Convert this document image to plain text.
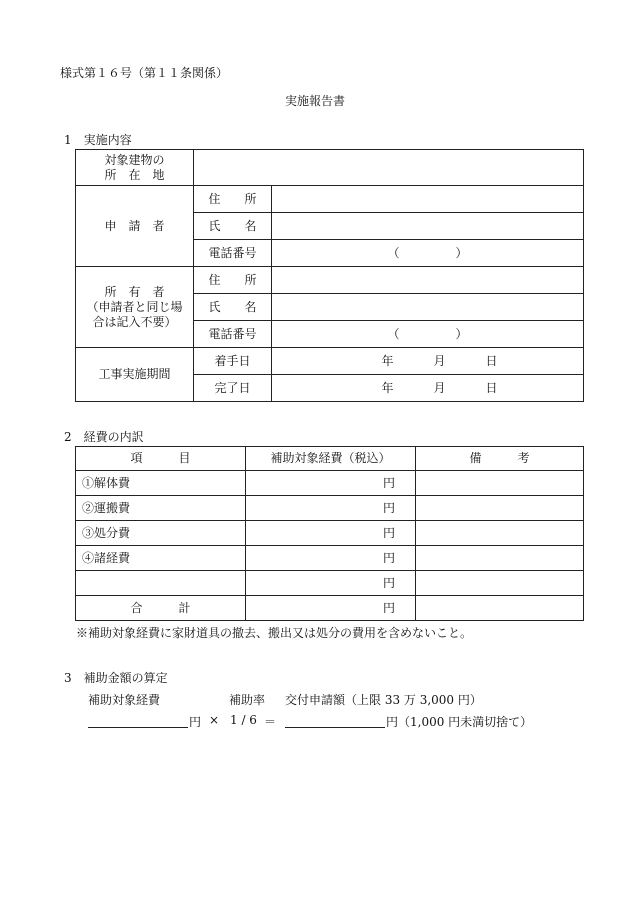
様式第１６号（第１１条関係）
実施報告書
1　実施内容
対象建物の
所　在　地		

申　請　者	住　　所	
	氏　　名	
	電話番号	（ ）

所　有　者
（申請者と同じ場
合は記入不要）	住　　所	
	氏　　名	
	電話番号	（ ）
工事実施期間	着手日	年 月 日
	完了日	年 月 日
2　経費の内訳
項　　　目	補助対象経費（税込）	備　　　考
①解体費	円	
②運搬費	円	
③処分費	円	
④諸経費	円	
	円	
合　　　計	円	
※補助対象経費に家財道具の撤去、搬出又は処分の費用を含めないこと。
3　補助金額の算定
補助対象経費	補助率 交付申請額（上限 33 万 3,000 円）
円 × 1 / 6 ＝	円（1,000 円未満切捨て）
